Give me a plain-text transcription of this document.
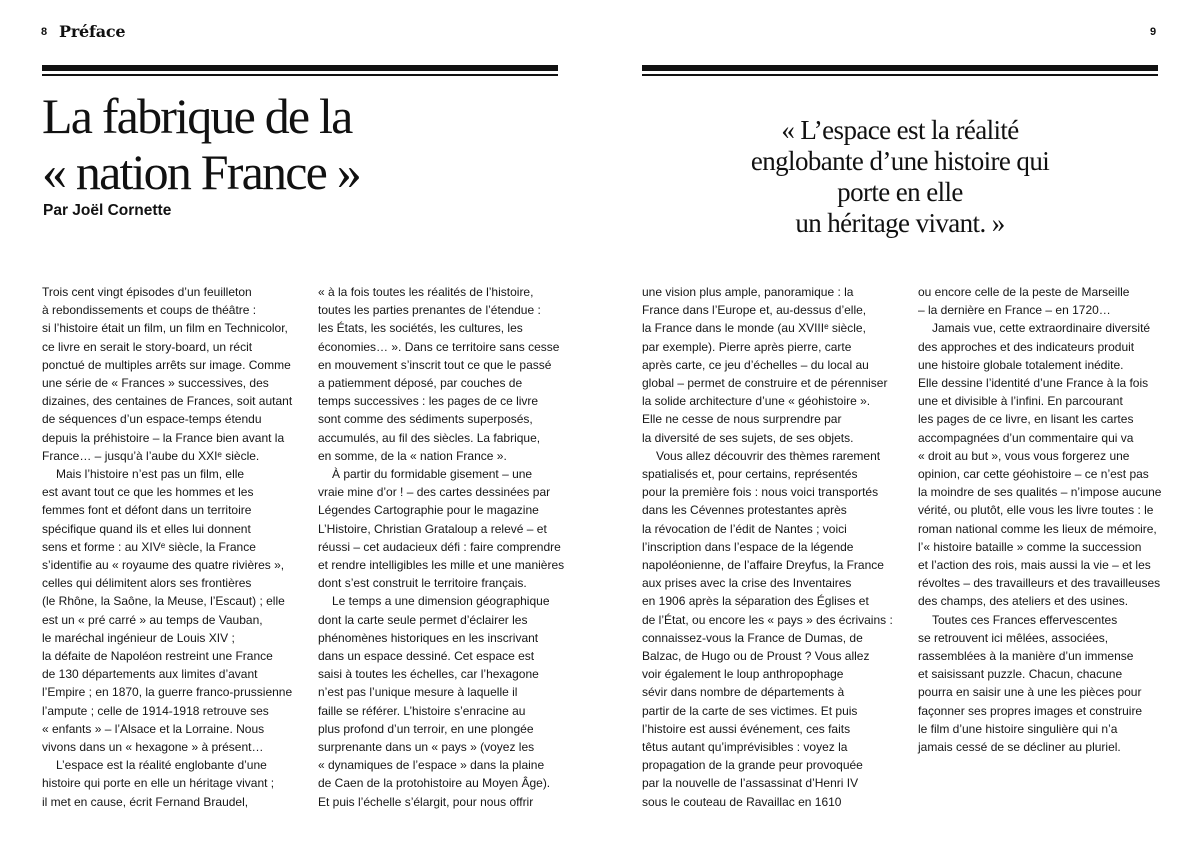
8 Préface	9
La fabrique de la
« nation France »
Par Joël Cornette
« L’espace est la réalité
englobante d’une histoire qui
porte en elle
un héritage vivant. »
Trois cent vingt épisodes d’un feuilleton
à rebondissements et coups de théâtre :
si l’histoire était un film, un film en Technicolor,
ce livre en serait le story-board, un récit
ponctué de multiples arrêts sur image. Comme
une série de « Frances » successives, des
dizaines, des centaines de Frances, soit autant
de séquences d’un espace-temps étendu
depuis la préhistoire – la France bien avant la
France… – jusqu’à l’aube du XXIᵉ siècle.
Mais l’histoire n’est pas un film, elle
est avant tout ce que les hommes et les
femmes font et défont dans un territoire
spécifique quand ils et elles lui donnent
sens et forme : au XIVᵉ siècle, la France
s’identifie au « royaume des quatre rivières »,
celles qui délimitent alors ses frontières
(le Rhône, la Saône, la Meuse, l’Escaut) ; elle
est un « pré carré » au temps de Vauban,
le maréchal ingénieur de Louis XIV ;
la défaite de Napoléon restreint une France
de 130 départements aux limites d’avant
l’Empire ; en 1870, la guerre franco-prussienne
l’ampute ; celle de 1914-1918 retrouve ses
« enfants » – l’Alsace et la Lorraine. Nous
vivons dans un « hexagone » à présent…
L’espace est la réalité englobante d’une
histoire qui porte en elle un héritage vivant ;
il met en cause, écrit Fernand Braudel,
« à la fois toutes les réalités de l’histoire,
toutes les parties prenantes de l’étendue :
les États, les sociétés, les cultures, les
économies… ». Dans ce territoire sans cesse
en mouvement s’inscrit tout ce que le passé
a patiemment déposé, par couches de
temps successives : les pages de ce livre
sont comme des sédiments superposés,
accumulés, au fil des siècles. La fabrique,
en somme, de la « nation France ».
À partir du formidable gisement – une
vraie mine d’or ! – des cartes dessinées par
Légendes Cartographie pour le magazine
L’Histoire, Christian Grataloup a relevé – et
réussi – cet audacieux défi : faire comprendre
et rendre intelligibles les mille et une manières
dont s’est construit le territoire français.
Le temps a une dimension géographique
dont la carte seule permet d’éclairer les
phénomènes historiques en les inscrivant
dans un espace dessiné. Cet espace est
saisi à toutes les échelles, car l’hexagone
n’est pas l’unique mesure à laquelle il
faille se référer. L’histoire s’enracine au
plus profond d’un terroir, en une plongée
surprenante dans un « pays » (voyez les
« dynamiques de l’espace » dans la plaine
de Caen de la protohistoire au Moyen Âge).
Et puis l’échelle s’élargit, pour nous offrir
une vision plus ample, panoramique : la
France dans l’Europe et, au-dessus d’elle,
la France dans le monde (au XVIIIᵉ siècle,
par exemple). Pierre après pierre, carte
après carte, ce jeu d’échelles – du local au
global – permet de construire et de pérenniser
la solide architecture d’une « géohistoire ».
Elle ne cesse de nous surprendre par
la diversité de ses sujets, de ses objets.
Vous allez découvrir des thèmes rarement
spatialisés et, pour certains, représentés
pour la première fois : nous voici transportés
dans les Cévennes protestantes après
la révocation de l’édit de Nantes ; voici
l’inscription dans l’espace de la légende
napoléonienne, de l’affaire Dreyfus, la France
aux prises avec la crise des Inventaires
en 1906 après la séparation des Églises et
de l’État, ou encore les « pays » des écrivains :
connaissez-vous la France de Dumas, de
Balzac, de Hugo ou de Proust ? Vous allez
voir également le loup anthropophage
sévir dans nombre de départements à
partir de la carte de ses victimes. Et puis
l’histoire est aussi événement, ces faits
têtus autant qu’imprévisibles : voyez la
propagation de la grande peur provoquée
par la nouvelle de l’assassinat d’Henri IV
sous le couteau de Ravaillac en 1610
ou encore celle de la peste de Marseille
– la dernière en France – en 1720…
Jamais vue, cette extraordinaire diversité
des approches et des indicateurs produit
une histoire globale totalement inédite.
Elle dessine l’identité d’une France à la fois
une et divisible à l’infini. En parcourant
les pages de ce livre, en lisant les cartes
accompagnées d’un commentaire qui va
« droit au but », vous vous forgerez une
opinion, car cette géohistoire – ce n’est pas
la moindre de ses qualités – n’impose aucune
vérité, ou plutôt, elle vous les livre toutes : le
roman national comme les lieux de mémoire,
l’« histoire bataille » comme la succession
et l’action des rois, mais aussi la vie – et les
révoltes – des travailleurs et des travailleuses
des champs, des ateliers et des usines.
Toutes ces Frances effervescentes
se retrouvent ici mêlées, associées,
rassemblées à la manière d’un immense
et saisissant puzzle. Chacun, chacune
pourra en saisir une à une les pièces pour
façonner ses propres images et construire
le film d’une histoire singulière qui n’a
jamais cessé de se décliner au pluriel.
